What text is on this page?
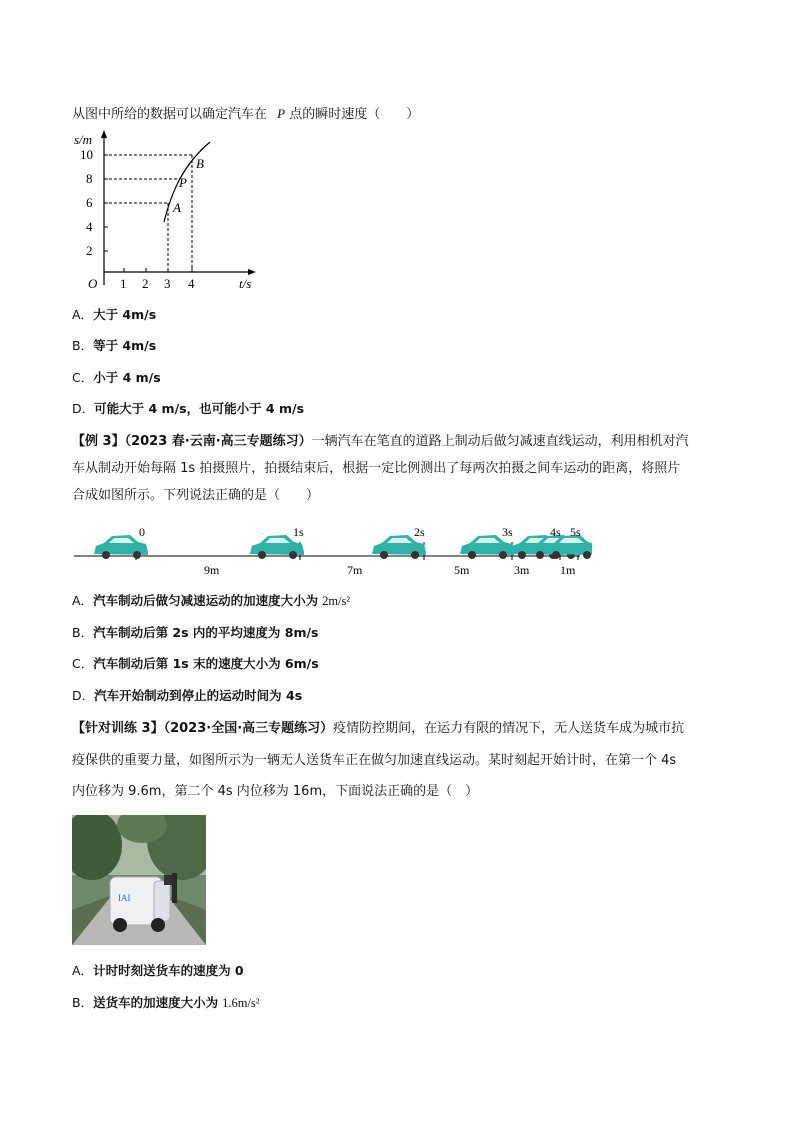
从图中所给的数据可以确定汽车在 P 点的瞬时速度（　　）
s/m
2
4
6
8
10
O 1 2 3 4	t/s
A
P
B
A．大于 4m/s
B．等于 4m/s
C．小于 4 m/s
D．可能大于 4 m/s，也可能小于 4 m/s
【例 3】（2023 春·云南·高三专题练习）一辆汽车在笔直的道路上制动后做匀减速直线运动，利用相机对汽
车从制动开始每隔 1s 拍摄照片，拍摄结束后，根据一定比例测出了每两次拍摄之间车运动的距离，将照片
合成如图所示。下列说法正确的是（　　）
0	1s	2s	3s	4s 5s
9m	7m	5m	3m	1m
A．汽车制动后做匀减速运动的加速度大小为 2m/s²
B．汽车制动后第 2s 内的平均速度为 8m/s
C．汽车制动后第 1s 末的速度大小为 6m/s
D．汽车开始制动到停止的运动时间为 4s
【针对训练 3】（2023·全国·高三专题练习）疫情防控期间，在运力有限的情况下，无人送货车成为城市抗
疫保供的重要力量，如图所示为一辆无人送货车正在做匀加速直线运动。某时刻起开始计时，在第一个 4s
内位移为 9.6m，第二个 4s 内位移为 16m，下面说法正确的是（　）
IAI
A．计时时刻送货车的速度为 0
B．送货车的加速度大小为 1.6m/s²
